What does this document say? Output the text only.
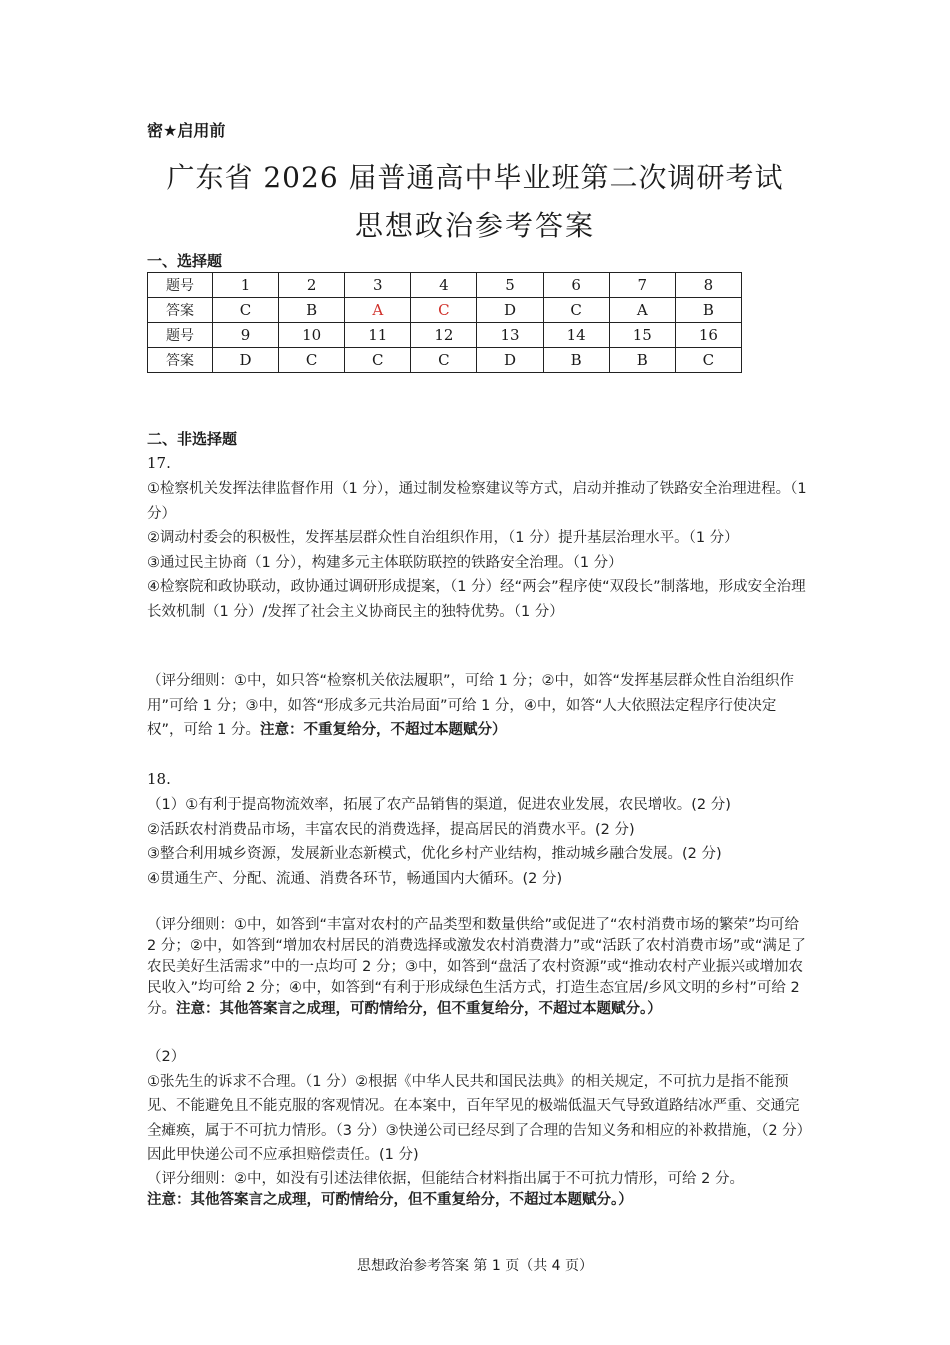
密★启用前
广东省 2026 届普通高中毕业班第二次调研考试
思想政治参考答案
一、选择题
题号	1	2	3	4	5	6	7	8
答案	C	B	A	C	D	C	A	B
题号	9	10	11	12	13	14	15	16
答案	D	C	C	C	D	B	B	C
二、非选择题
17.

①检察机关发挥法律监督作用（1 分），通过制发检察建议等方式，启动并推动了铁路安全治理进程。（1 分）

②调动村委会的积极性，发挥基层群众性自治组织作用，（1 分）提升基层治理水平。（1 分）

③通过民主协商（1 分），构建多元主体联防联控的铁路安全治理。（1 分）

④检察院和政协联动，政协通过调研形成提案，（1 分）经“两会”程序使“双段长”制落地，形成安全治理长效机制（1 分）/发挥了社会主义协商民主的独特优势。（1 分）

（评分细则：①中，如只答“检察机关依法履职”，可给 1 分；②中，如答“发挥基层群众性自治组织作用”可给 1 分；③中，如答“形成多元共治局面”可给 1 分，④中，如答“人大依照法定程序行使决定权”，可给 1 分。注意：不重复给分，不超过本题赋分）

18.

（1）①有利于提高物流效率，拓展了农产品销售的渠道，促进农业发展，农民增收。(2 分)

②活跃农村消费品市场，丰富农民的消费选择，提高居民的消费水平。(2 分)

③整合利用城乡资源，发展新业态新模式，优化乡村产业结构，推动城乡融合发展。(2 分)

④贯通生产、分配、流通、消费各环节，畅通国内大循环。(2 分)

（评分细则：①中，如答到“丰富对农村的产品类型和数量供给”或促进了“农村消费市场的繁荣”均可给 2 分；②中，如答到“增加农村居民的消费选择或激发农村消费潜力”或“活跃了农村消费市场”或“满足了农民美好生活需求”中的一点均可 2 分；③中，如答到“盘活了农村资源”或“推动农村产业振兴或增加农民收入”均可给 2 分；④中，如答到“有利于形成绿色生活方式，打造生态宜居/乡风文明的乡村”可给 2 分。注意：其他答案言之成理，可酌情给分，但不重复给分，不超过本题赋分。）

（2）

①张先生的诉求不合理。（1 分）②根据《中华人民共和国民法典》的相关规定，不可抗力是指不能预见、不能避免且不能克服的客观情况。在本案中，百年罕见的极端低温天气导致道路结冰严重、交通完全瘫痪，属于不可抗力情形。（3 分）③快递公司已经尽到了合理的告知义务和相应的补救措施，（2 分）因此甲快递公司不应承担赔偿责任。(1 分)

（评分细则：②中，如没有引述法律依据，但能结合材料指出属于不可抗力情形，可给 2 分。
注意：其他答案言之成理，可酌情给分，但不重复给分，不超过本题赋分。）

思想政治参考答案 第 1 页（共 4 页）
